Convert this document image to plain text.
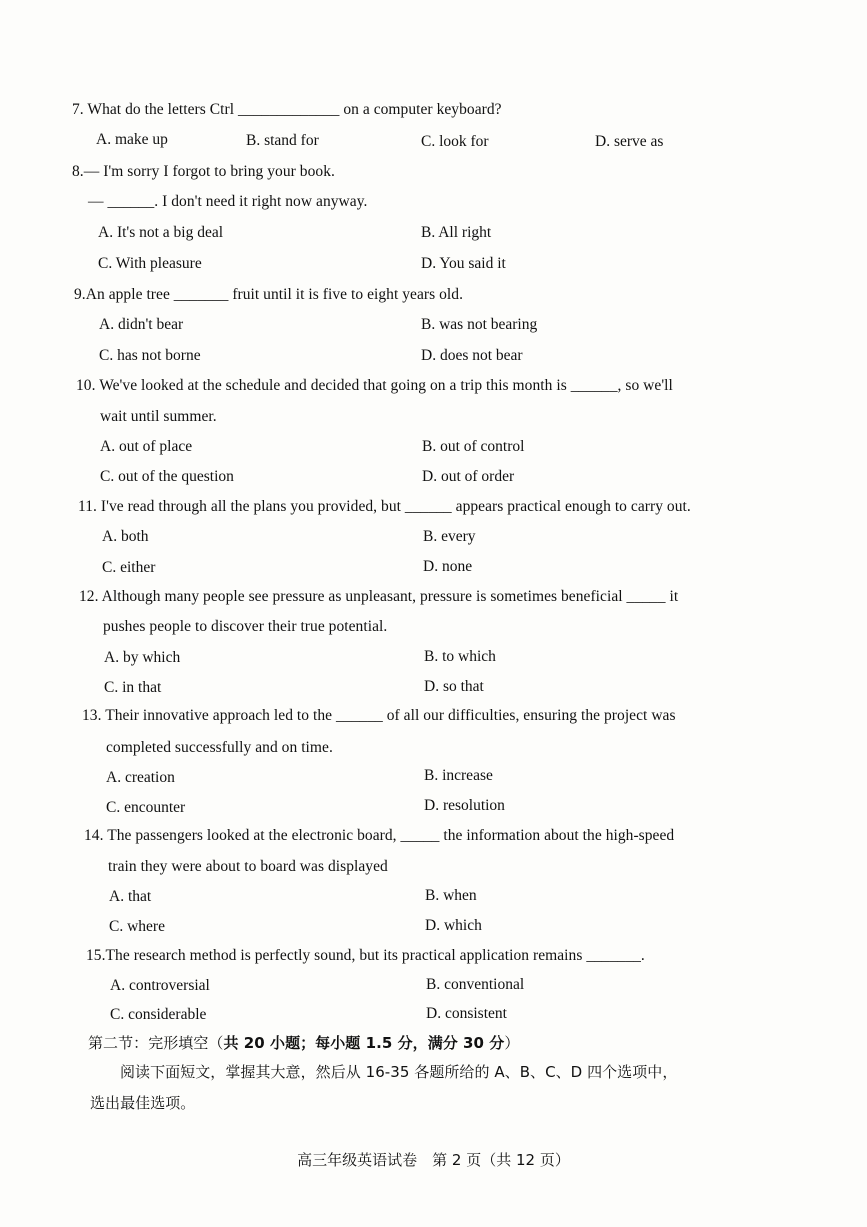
7. What do the letters Ctrl _____________ on a computer keyboard?
A. make up	B. stand for	C. look for	D. serve as
8.— I'm sorry I forgot to bring your book.
— ______. I don't need it right now anyway.
A. It's not a big deal	B. All right
C. With pleasure	D. You said it
9.An apple tree _______ fruit until it is five to eight years old.
A. didn't bear	B. was not bearing
C. has not borne	D. does not bear
10. We've looked at the schedule and decided that going on a trip this month is ______, so we'll
wait until summer.
A. out of place	B. out of control
C. out of the question	D. out of order
11. I've read through all the plans you provided, but ______ appears practical enough to carry out.
A. both	B. every
C. either	D. none
12. Although many people see pressure as unpleasant, pressure is sometimes beneficial _____ it
pushes people to discover their true potential.
A. by which	B. to which
C. in that	D. so that
13. Their innovative approach led to the ______ of all our difficulties, ensuring the project was
completed successfully and on time.
A. creation	B. increase
C. encounter	D. resolution
14. The passengers looked at the electronic board, _____ the information about the high-speed
train they were about to board was displayed
A. that	B. when
C. where	D. which
15.The research method is perfectly sound, but its practical application remains _______.
A. controversial	B. conventional
C. considerable	D. consistent
第二节：完形填空（共 20 小题；每小题 1.5 分，满分 30 分）
阅读下面短文，掌握其大意，然后从 16-35 各题所给的 A、B、C、D 四个选项中，
选出最佳选项。
高三年级英语试卷　第 2 页（共 12 页）
